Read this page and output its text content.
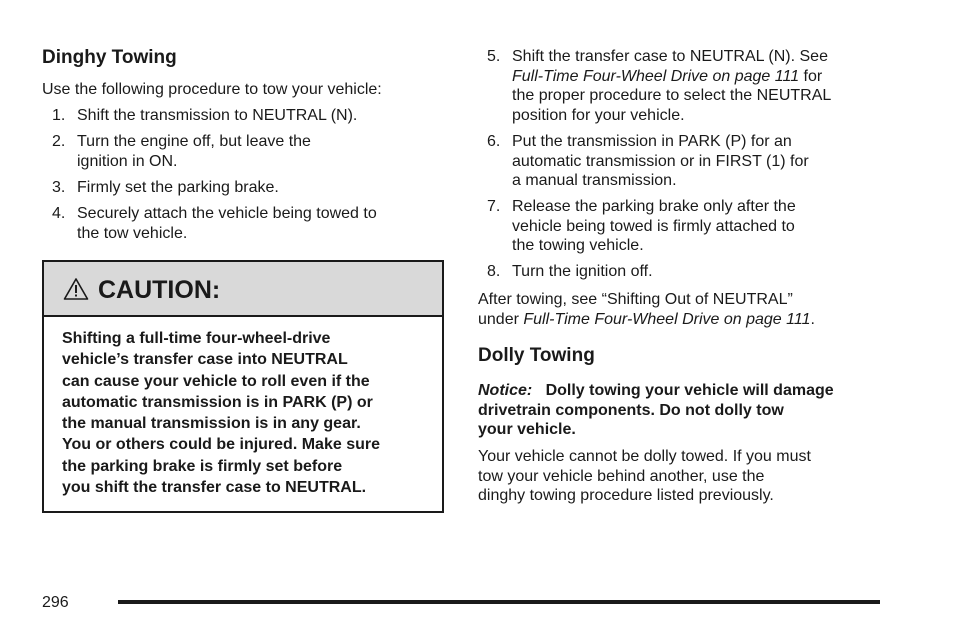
Dinghy Towing

Use the following procedure to tow your vehicle:

1. Shift the transmission to NEUTRAL (N).
2. Turn the engine off, but leave the
ignition in ON.
3. Firmly set the parking brake.
4. Securely attach the vehicle being towed to
the tow vehicle.
CAUTION:
Shifting a full-time four-wheel-drive
vehicle’s transfer case into NEUTRAL
can cause your vehicle to roll even if the
automatic transmission is in PARK (P) or
the manual transmission is in any gear.
You or others could be injured. Make sure
the parking brake is firmly set before
you shift the transfer case to NEUTRAL.
5. Shift the transfer case to NEUTRAL (N). See
Full-Time Four-Wheel Drive on page 111 for
the proper procedure to select the NEUTRAL
position for your vehicle.
6. Put the transmission in PARK (P) for an
automatic transmission or in FIRST (1) for
a manual transmission.
7. Release the parking brake only after the
vehicle being towed is firmly attached to
the towing vehicle.
8. Turn the ignition off.

After towing, see “Shifting Out of NEUTRAL”
under Full-Time Four-Wheel Drive on page 111.

Dolly Towing

Notice: Dolly towing your vehicle will damage
drivetrain components. Do not dolly tow
your vehicle.

Your vehicle cannot be dolly towed. If you must
tow your vehicle behind another, use the
dinghy towing procedure listed previously.

296
